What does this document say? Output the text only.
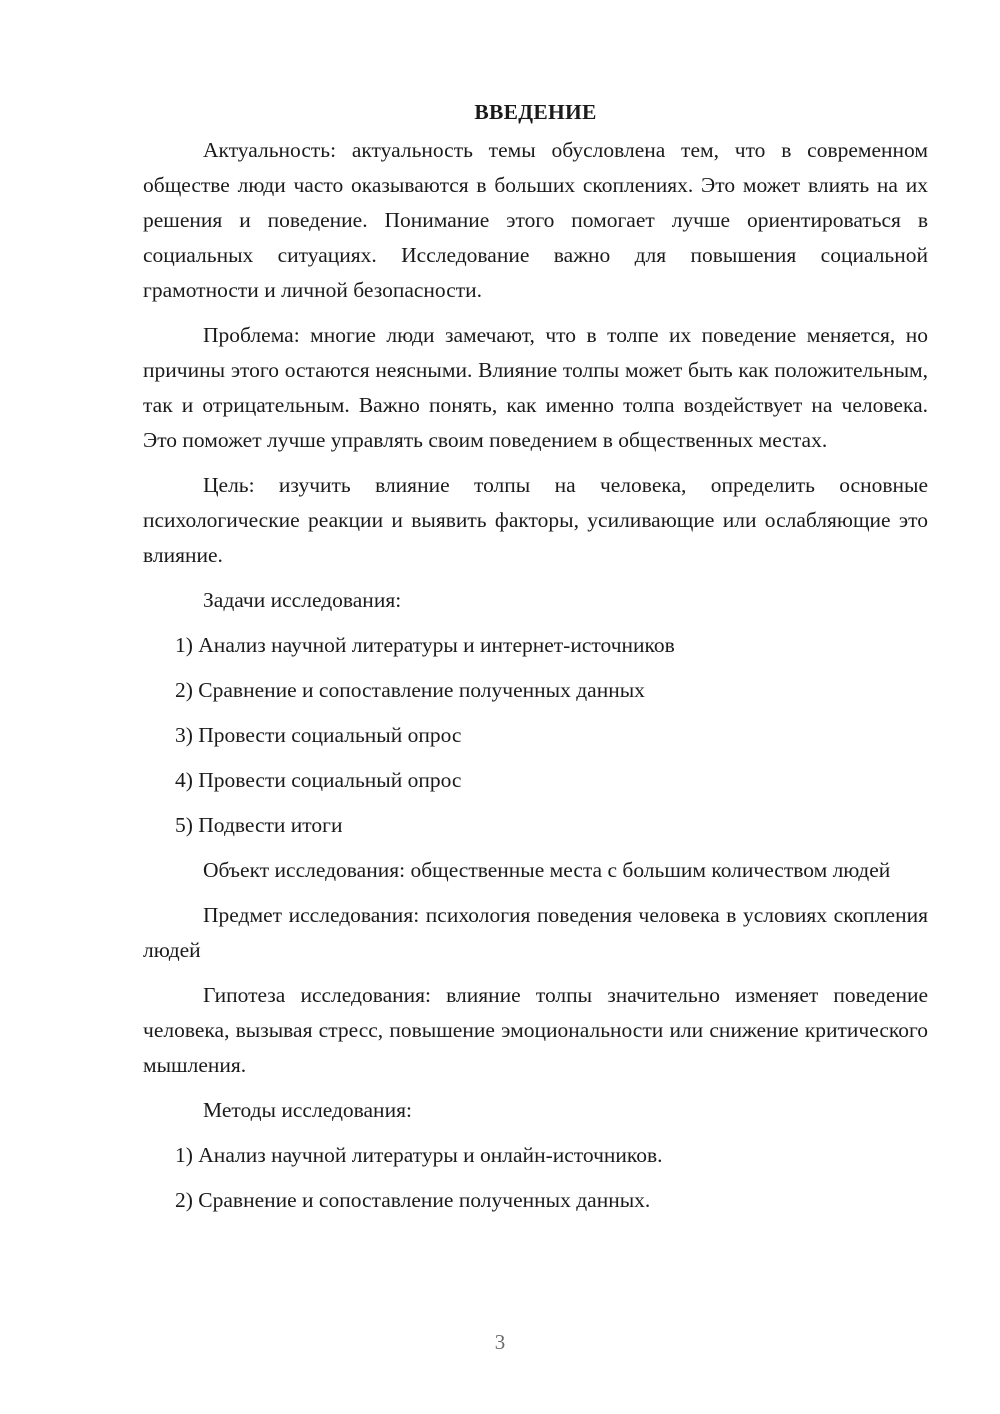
ВВЕДЕНИЕ

Актуальность: актуальность темы обусловлена тем, что в современном обществе люди часто оказываются в больших скоплениях. Это может влиять на их решения и поведение. Понимание этого помогает лучше ориентироваться в социальных ситуациях. Исследование важно для повышения социальной грамотности и личной безопасности.

Проблема: многие люди замечают, что в толпе их поведение меняется, но причины этого остаются неясными. Влияние толпы может быть как положительным, так и отрицательным. Важно понять, как именно толпа воздействует на человека. Это поможет лучше управлять своим поведением в общественных местах.

Цель: изучить влияние толпы на человека, определить основные психологические реакции и выявить факторы, усиливающие или ослабляющие это влияние.

Задачи исследования:

1) Анализ научной литературы и интернет-источников

2) Сравнение и сопоставление полученных данных

3) Провести социальный опрос

4) Провести социальный опрос

5) Подвести итоги

Объект исследования: общественные места с большим количеством людей

Предмет исследования: психология поведения человека в условиях скопления людей

Гипотеза исследования: влияние толпы значительно изменяет поведение человека, вызывая стресс, повышение эмоциональности или снижение критического мышления.

Методы исследования:

1) Анализ научной литературы и онлайн-источников.

2) Сравнение и сопоставление полученных данных.

3
